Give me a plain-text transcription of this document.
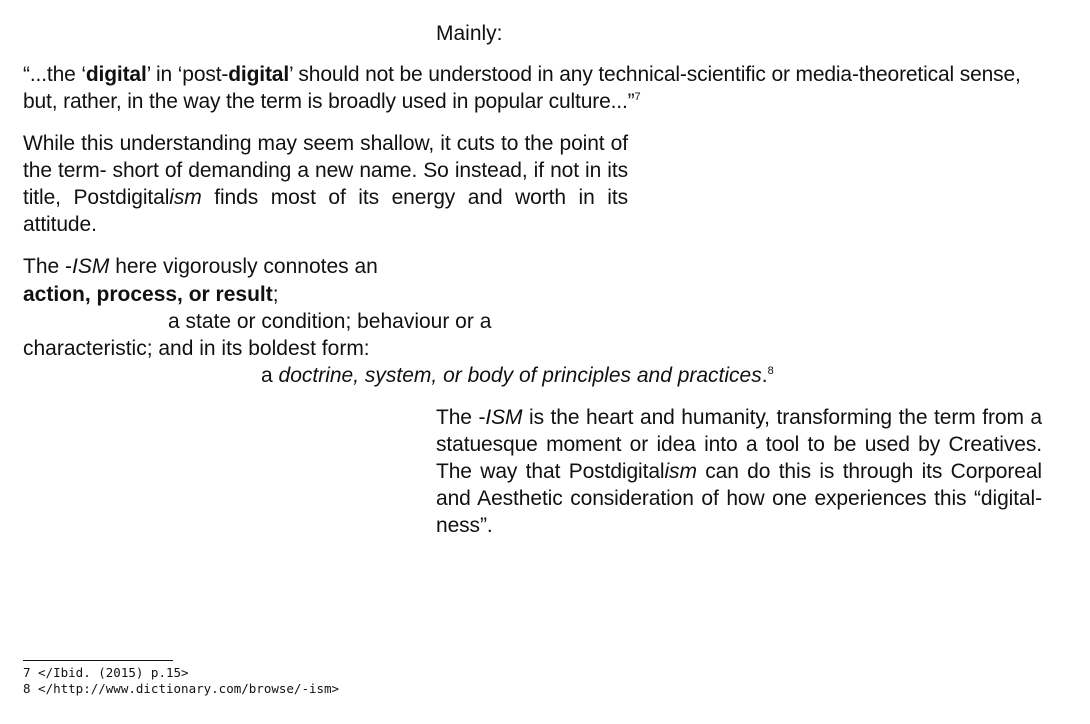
Mainly:

“...the ‘digital’ in ‘post-digital’ should not be understood in any technical-scientific or media-theoretical sense, but, rather, in the way the term is broadly used in popular culture...”$^7$

While this understanding may seem shallow, it cuts to the point of the term- short of demanding a new name. So instead, if not in its title, Postdigitalism finds most of its energy and worth in its attitude.

The -ISM here vigorously connotes an

action, process, or result;

a state or condition; behaviour or a

characteristic; and in its boldest form:

a doctrine, system, or body of principles and practices.$^8$

The -ISM is the heart and humanity, transforming the term from a statuesque moment or idea into a tool to be used by Creatives. The way that Postdigitalism can do this is through its Corporeal and Aesthetic consideration of how one experiences this “digital-ness”.

7 </Ibid. (2015) p.15>

8 </http://www.dictionary.com/browse/-ism>
